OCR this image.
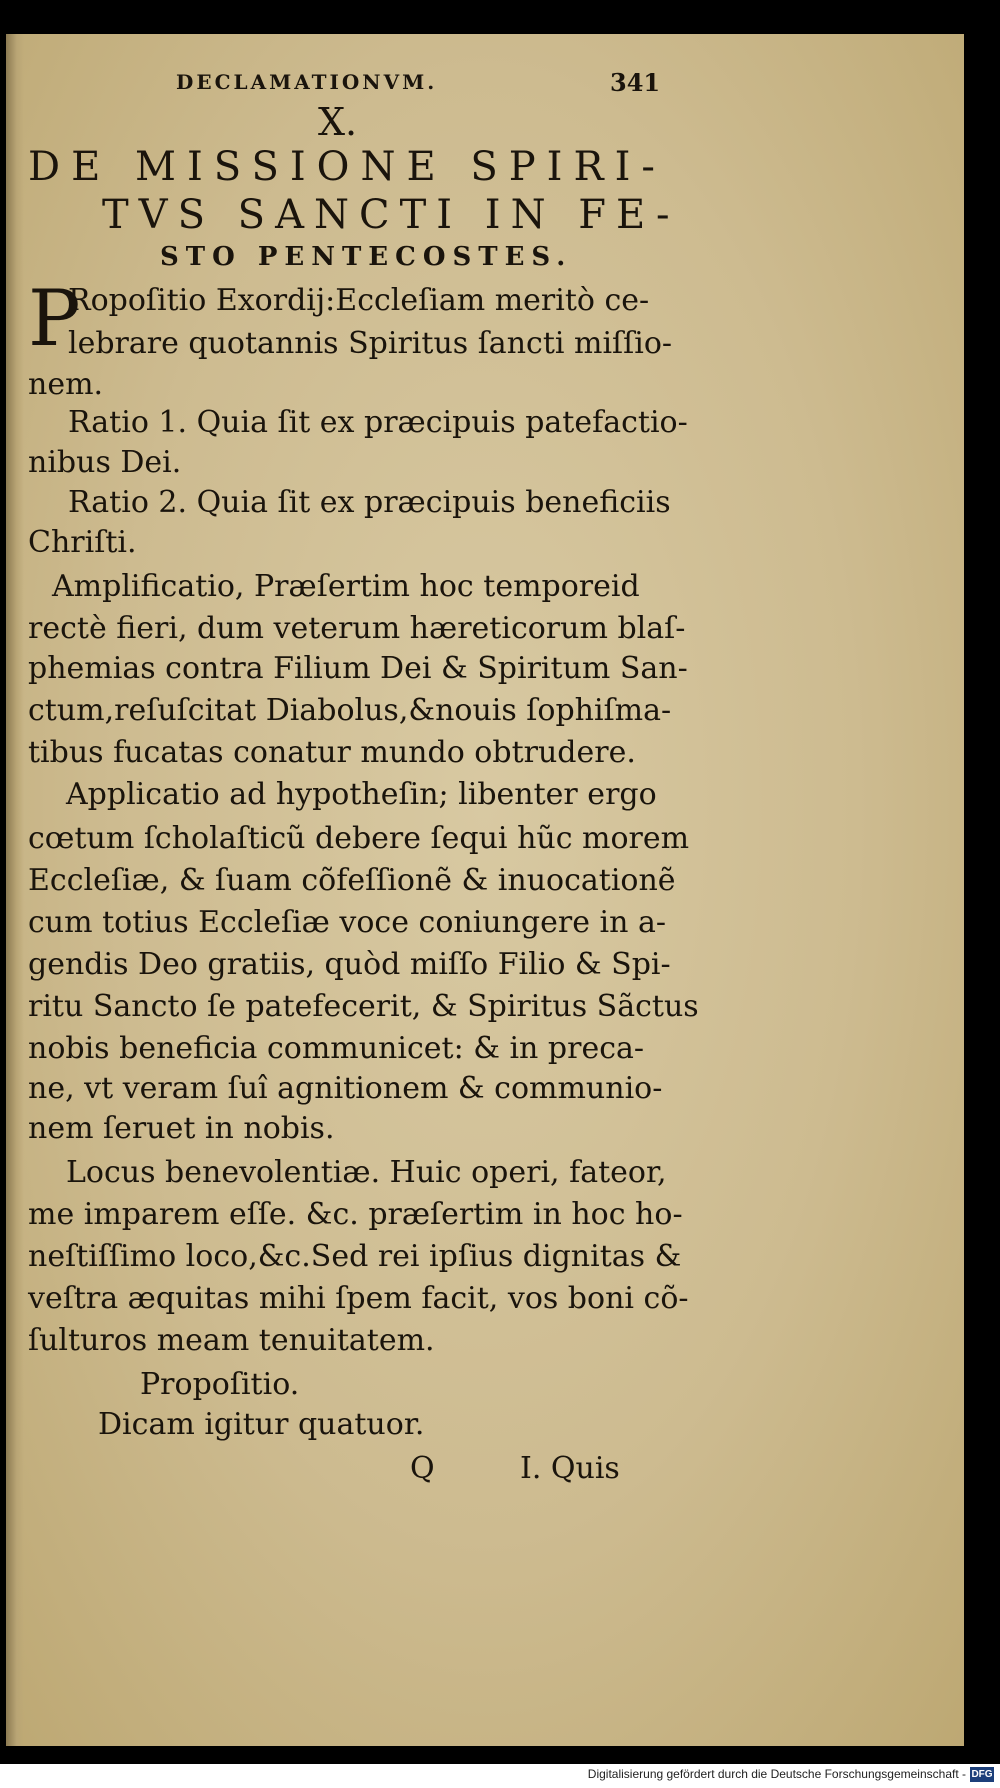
DECLAMATIONVM.	341
X.
DE MISSIONE SPIRI-
TVS SANCTI IN FE-
STO PENTECOSTES.
P
Ropoſitio Exordij:Eccleſiam meritò ce-
lebrare quotannis Spiritus ſancti miſſio-
nem.
Ratio 1. Quia ſit ex præcipuis patefactio-
nibus Dei.
Ratio 2. Quia ſit ex præcipuis beneficiis
Chriſti.
Amplificatio, Præſertim hoc temporeid
rectè fieri, dum veterum hæreticorum blaſ-
phemias contra Filium Dei & Spiritum San-
ctum,reſuſcitat Diabolus,&nouis ſophiſma-
tibus fucatas conatur mundo obtrudere.
Applicatio ad hypotheſin; libenter ergo
cœtum ſcholaſticũ debere ſequi hũc morem
Eccleſiæ, & ſuam cõfeſſionẽ & inuocationẽ
cum totius Eccleſiæ voce coniungere in a-
gendis Deo gratiis, quòd miſſo Filio & Spi-
ritu Sancto ſe patefecerit, & Spiritus Sãctus
nobis beneficia communicet: & in preca-
ne, vt veram ſuî agnitionem & communio-
nem ſeruet in nobis.
Locus benevolentiæ. Huic operi, fateor,
me imparem eſſe. &c. præſertim in hoc ho-
neſtiſſimo loco,&c.Sed rei ipſius dignitas &
veſtra æquitas mihi ſpem facit, vos boni cõ-
ſulturos meam tenuitatem.
Propoſitio.
Dicam igitur quatuor.
Q	I. Quis
Digitalisierung gefördert durch die Deutsche Forschungsgemeinschaft - DFG
